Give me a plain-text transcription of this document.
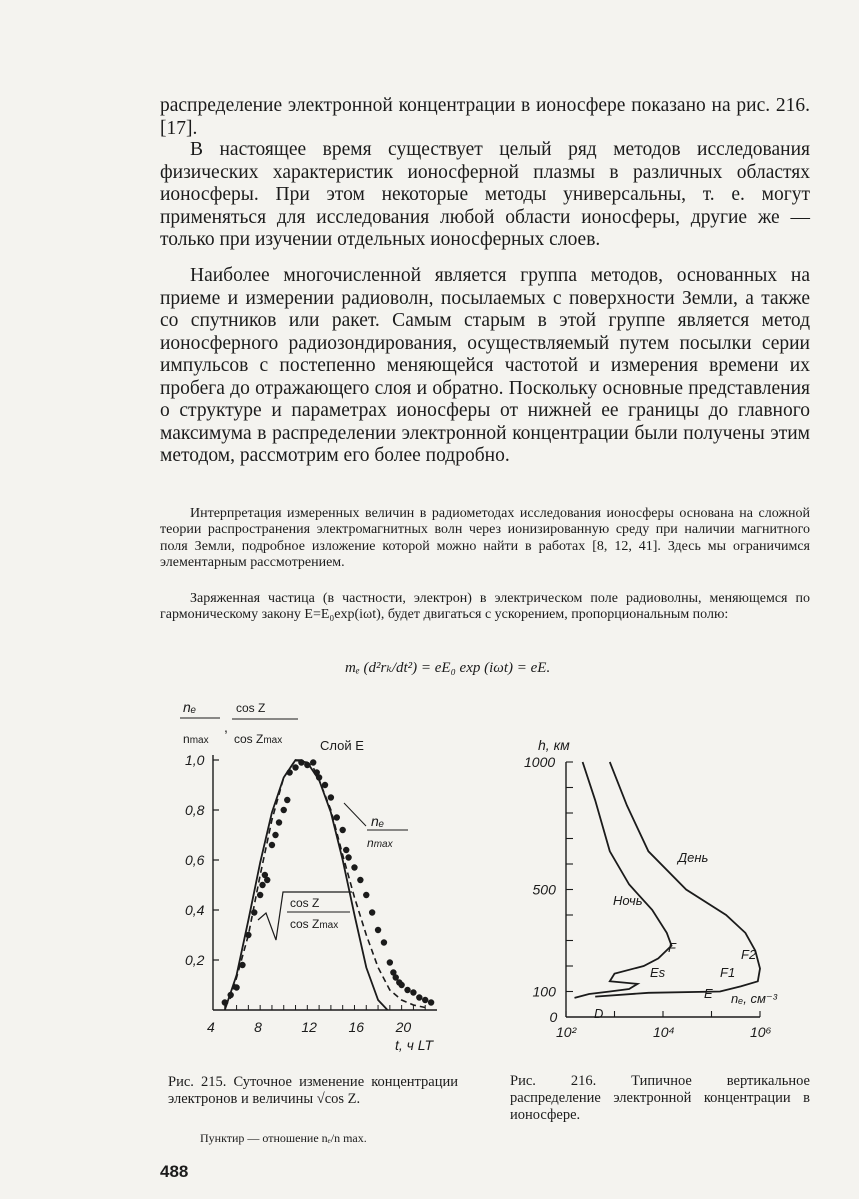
распределение электронной концентрации в ионосфере показано на рис. 216. [17].

В настоящее время существует целый ряд методов исследования физических характеристик ионосферной плазмы в различных областях ионосферы. При этом некоторые методы универсальны, т. е. могут применяться для исследования любой области ионосферы, другие же — только при изучении отдельных ионосферных слоев.

Наиболее многочисленной является группа методов, основанных на приеме и измерении радиоволн, посылаемых с поверхности Земли, а также со спутников или ракет. Самым старым в этой группе является метод ионосферного радиозондирования, осуществляемый путем посылки серии импульсов с постепенно меняющейся частотой и измерения времени их пробега до отражающего слоя и обратно. Поскольку основные представления о структуре и параметрах ионосферы от нижней ее границы до главного максимума в распределении электронной концентрации были получены этим методом, рассмотрим его более подробно.

Интерпретация измеренных величин в радиометодах исследования ионосферы основана на сложной теории распространения электромагнитных волн через ионизированную среду при наличии магнитного поля Земли, подробное изложение которой можно найти в работах [8, 12, 41]. Здесь мы ограничимся элементарным рассмотрением.

Заряженная частица (в частности, электрон) в электрическом поле радиоволны, меняющемся по гармоническому закону E=E₀exp(iωt), будет двигаться с ускорением, пропорциональным полю:

mₑ (d²rₖ/dt²) = eE₀ exp (iωt) = eE.
nₑ
nmax
,
cos Z
cos Zmax
0,2
0,4
0,6
0,8
1,0
4	8	12 16 20
Слой E
nₑ
nmax
cos Z
cos Zmax
t, ч LT
h, км
0
100
500
1000
10²	10⁴	10⁶
День
Ночь
F
Es
F2
F1
E
D
nₑ, см⁻³

Рис. 215. Суточное изменение концентрации электронов и величины √cos Z.

Пунктир — отношение nₑ/n max.

Рис. 216. Типичное вертикальное распределение электронной концентрации в ионосфере.

488
